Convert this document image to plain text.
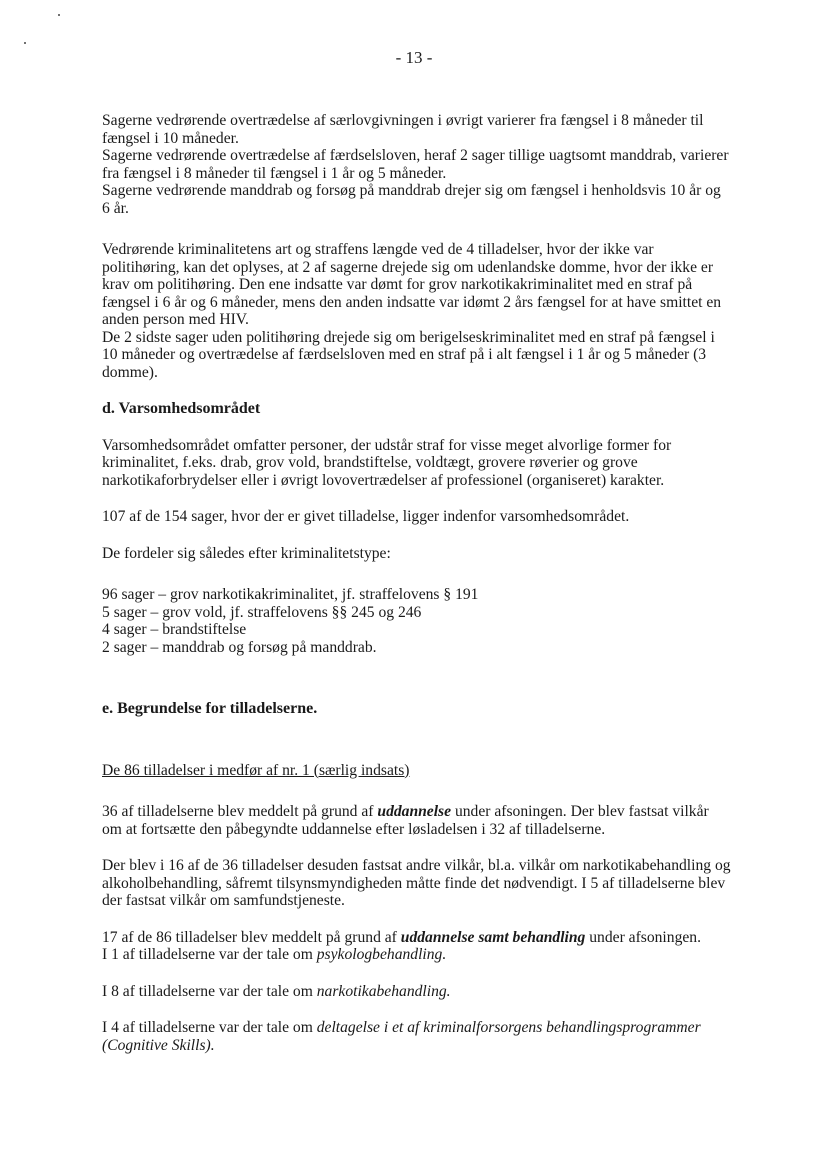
- 13 -

Sagerne vedrørende overtrædelse af særlovgivningen i øvrigt varierer fra fængsel i 8 måneder til fængsel i 10 måneder.

Sagerne vedrørende overtrædelse af færdselsloven, heraf 2 sager tillige uagtsomt manddrab, varierer fra fængsel i 8 måneder til fængsel i 1 år og 5 måneder.

Sagerne vedrørende manddrab og forsøg på manddrab drejer sig om fængsel i henholdsvis 10 år og 6 år.

Vedrørende kriminalitetens art og straffens længde ved de 4 tilladelser, hvor der ikke var politihøring, kan det oplyses, at 2 af sagerne drejede sig om udenlandske domme, hvor der ikke er krav om politihøring. Den ene indsatte var dømt for grov narkotikakriminalitet med en straf på fængsel i 6 år og 6 måneder, mens den anden indsatte var idømt 2 års fængsel for at have smittet en anden person med HIV.

De 2 sidste sager uden politihøring drejede sig om berigelseskriminalitet med en straf på fængsel i 10 måneder og overtrædelse af færdselsloven med en straf på i alt fængsel i 1 år og 5 måneder (3 domme).

d. Varsomhedsområdet

Varsomhedsområdet omfatter personer, der udstår straf for visse meget alvorlige former for kriminalitet, f.eks. drab, grov vold, brandstiftelse, voldtægt, grovere røverier og grove narkotikaforbrydelser eller i øvrigt lovovertrædelser af professionel (organiseret) karakter.

107 af de 154 sager, hvor der er givet tilladelse, ligger indenfor varsomhedsområdet.

De fordeler sig således efter kriminalitetstype:

96 sager – grov narkotikakriminalitet, jf. straffelovens § 191

5 sager – grov vold, jf. straffelovens §§ 245 og 246

4 sager – brandstiftelse

2 sager – manddrab og forsøg på manddrab.

e. Begrundelse for tilladelserne.

De 86 tilladelser i medfør af nr. 1 (særlig indsats)

36 af tilladelserne blev meddelt på grund af uddannelse under afsoningen. Der blev fastsat vilkår om at fortsætte den påbegyndte uddannelse efter løsladelsen i 32 af tilladelserne.

Der blev i 16 af de 36 tilladelser desuden fastsat andre vilkår, bl.a. vilkår om narkotikabehandling og alkoholbehandling, såfremt tilsynsmyndigheden måtte finde det nødvendigt. I 5 af tilladelserne blev der fastsat vilkår om samfundstjeneste.

17 af de 86 tilladelser blev meddelt på grund af uddannelse samt behandling under afsoningen.

I 1 af tilladelserne var der tale om psykologbehandling.

I 8 af tilladelserne var der tale om narkotikabehandling.

I 4 af tilladelserne var der tale om deltagelse i et af kriminalforsorgens behandlingsprogrammer (Cognitive Skills).
